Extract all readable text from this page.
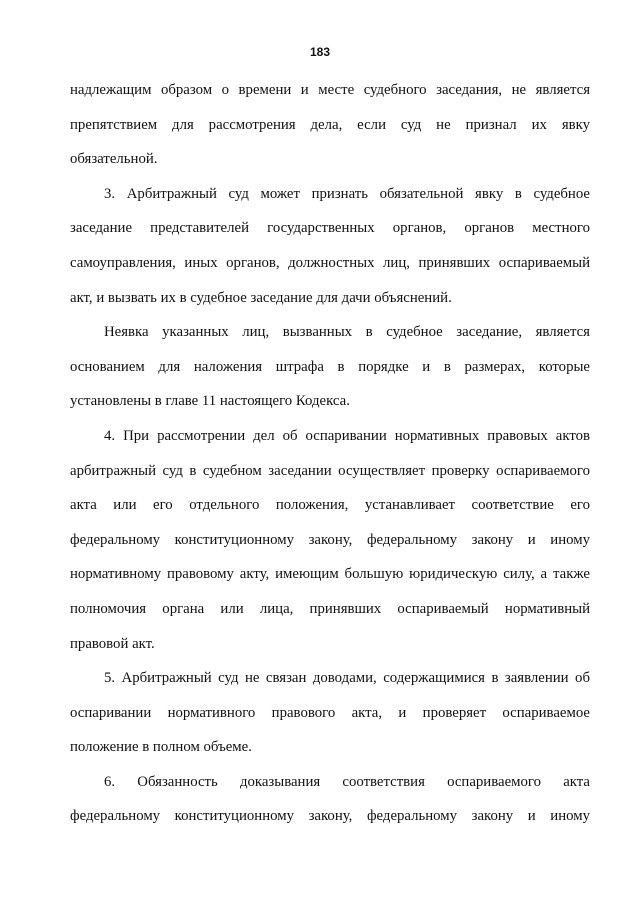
183
надлежащим образом о времени и месте судебного заседания, не является
препятствием для рассмотрения дела, если суд не признал их явку
обязательной.
3. Арбитражный суд может признать обязательной явку в судебное
заседание представителей государственных органов, органов местного
самоуправления, иных органов, должностных лиц, принявших оспариваемый
акт, и вызвать их в судебное заседание для дачи объяснений.
Неявка указанных лиц, вызванных в судебное заседание, является
основанием для наложения штрафа в порядке и в размерах, которые
установлены в главе 11 настоящего Кодекса.
4. При рассмотрении дел об оспаривании нормативных правовых актов
арбитражный суд в судебном заседании осуществляет проверку оспариваемого
акта или его отдельного положения, устанавливает соответствие его
федеральному конституционному закону, федеральному закону и иному
нормативному правовому акту, имеющим большую юридическую силу, а также
полномочия органа или лица, принявших оспариваемый нормативный
правовой акт.
5. Арбитражный суд не связан доводами, содержащимися в заявлении об
оспаривании нормативного правового акта, и проверяет оспариваемое
положение в полном объеме.
6. Обязанность доказывания соответствия оспариваемого акта
федеральному конституционному закону, федеральному закону и иному
